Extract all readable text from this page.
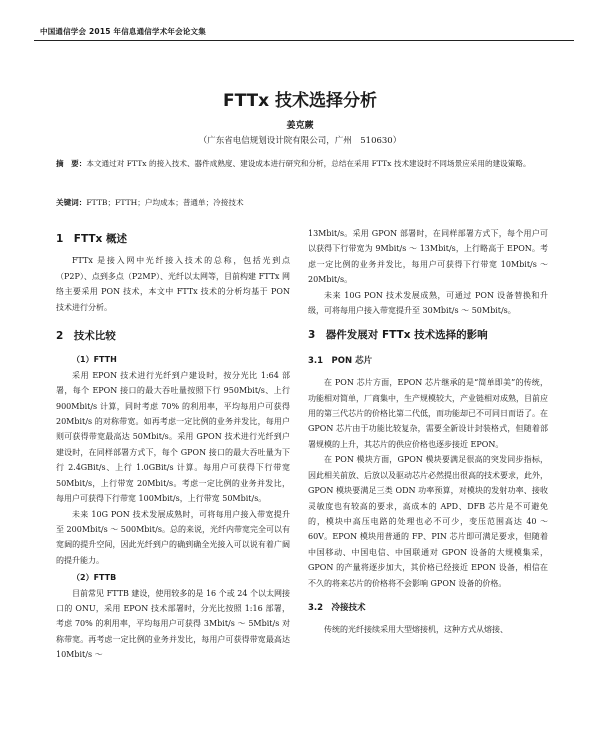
中国通信学会 2015 年信息通信学术年会论文集
FTTx 技术选择分析
姜克蕨
（广东省电信规划设计院有限公司，广州　510630）
摘　要：本文通过对 FTTx 的接入技术、器件成熟度、建设成本进行研究和分析，总结在采用 FTTx 技术建设时不同场景应采用的建设策略。
关键词：FTTB；FTTH；户均成本；普通单；冷接技术
1　FTTx 概述

FTTx 是接入网中光纤接入技术的总称，包括光到点（P2P）、点到多点（P2MP）、光纤以太网等，目前构建 FTTx 网络主要采用 PON 技术，本文中 FTTx 技术的分析均基于 PON 技术进行分析。

2　技术比较
（1）FTTH

采用 EPON 技术进行光纤到户建设时，按分光比 1:64 部署，每个 EPON 接口的最大吞吐量按照下行 950Mbit/s、上行 900Mbit/s 计算，同时考虑 70% 的利用率，平均每用户可获得 20Mbit/s 的对称带宽。如再考虑一定比例的业务并发比，每用户则可获得带宽最高达 50Mbit/s。采用 GPON 技术进行光纤到户建设时，在同样部署方式下，每个 GPON 接口的最大吞吐量为下行 2.4GBit/s、上行 1.0GBit/s 计算。每用户可获得下行带宽 50Mbit/s，上行带宽 20Mbit/s。考虑一定比例的业务并发比，每用户可获得下行带宽 100Mbit/s，上行带宽 50Mbit/s。

未来 10G PON 技术发展成熟时，可将每用户接入带宽提升至 200Mbit/s ～ 500Mbit/s。总的来说，光纤内带宽完全可以有宽阔的提升空间，因此光纤到户的确到确全光接入可以说有着广阔的提升能力。

（2）FTTB

目前常见 FTTB 建设，使用较多的是 16 个或 24 个以太网接口的 ONU，采用 EPON 技术部署时，分光比按照 1:16 部署，考虑 70% 的利用率，平均每用户可获得 3Mbit/s ～ 5Mbit/s 对称带宽。再考虑一定比例的业务并发比，每用户可获得带宽最高达 10Mbit/s ～

13Mbit/s。采用 GPON 部署时，在同样部署方式下，每个用户可以获得下行带宽为 9Mbit/s ～ 13Mbit/s，上行略高于 EPON。考虑一定比例的业务并发比，每用户可获得下行带宽 10Mbit/s ～ 20Mbit/s。

未来 10G PON 技术发展成熟，可通过 PON 设备替换和升级，可将每用户接入带宽提升至 30Mbit/s ～ 50Mbit/s。

3　器件发展对 FTTx 技术选择的影响
3.1　PON 芯片

在 PON 芯片方面，EPON 芯片继承的是“简单即美”的传统，功能相对简单，厂商集中，生产规模较大，产业链相对成熟，目前应用的第三代芯片的价格比第二代低，而功能却已不可同日而语了。在 GPON 芯片由于功能比较复杂，需要全新设计封装格式，但随着部署规模的上升，其芯片的供应价格也逐步接近 EPON。

在 PON 模块方面，GPON 模块要满足很高的突发同步指标，因此相关前放、后放以及驱动芯片必然提出很高的技术要求，此外，GPON 模块要满足三类 ODN 功率预算，对模块的发射功率、接收灵敏度也有较高的要求，高成本的 APD、DFB 芯片是不可避免的，模块中高压电路的处理也必不可少，变压范围高达 40 ～ 60V。EPON 模块用普通的 FP、PIN 芯片即可满足要求，但随着中国移动、中国电信、中国联通对 GPON 设备的大规模集采，GPON 的产量将逐步加大，其价格已经接近 EPON 设备，相信在不久的将来芯片的价格将不会影响 GPON 设备的价格。

3.2　冷接技术

传统的光纤接续采用大型熔接机，这种方式从熔接、
